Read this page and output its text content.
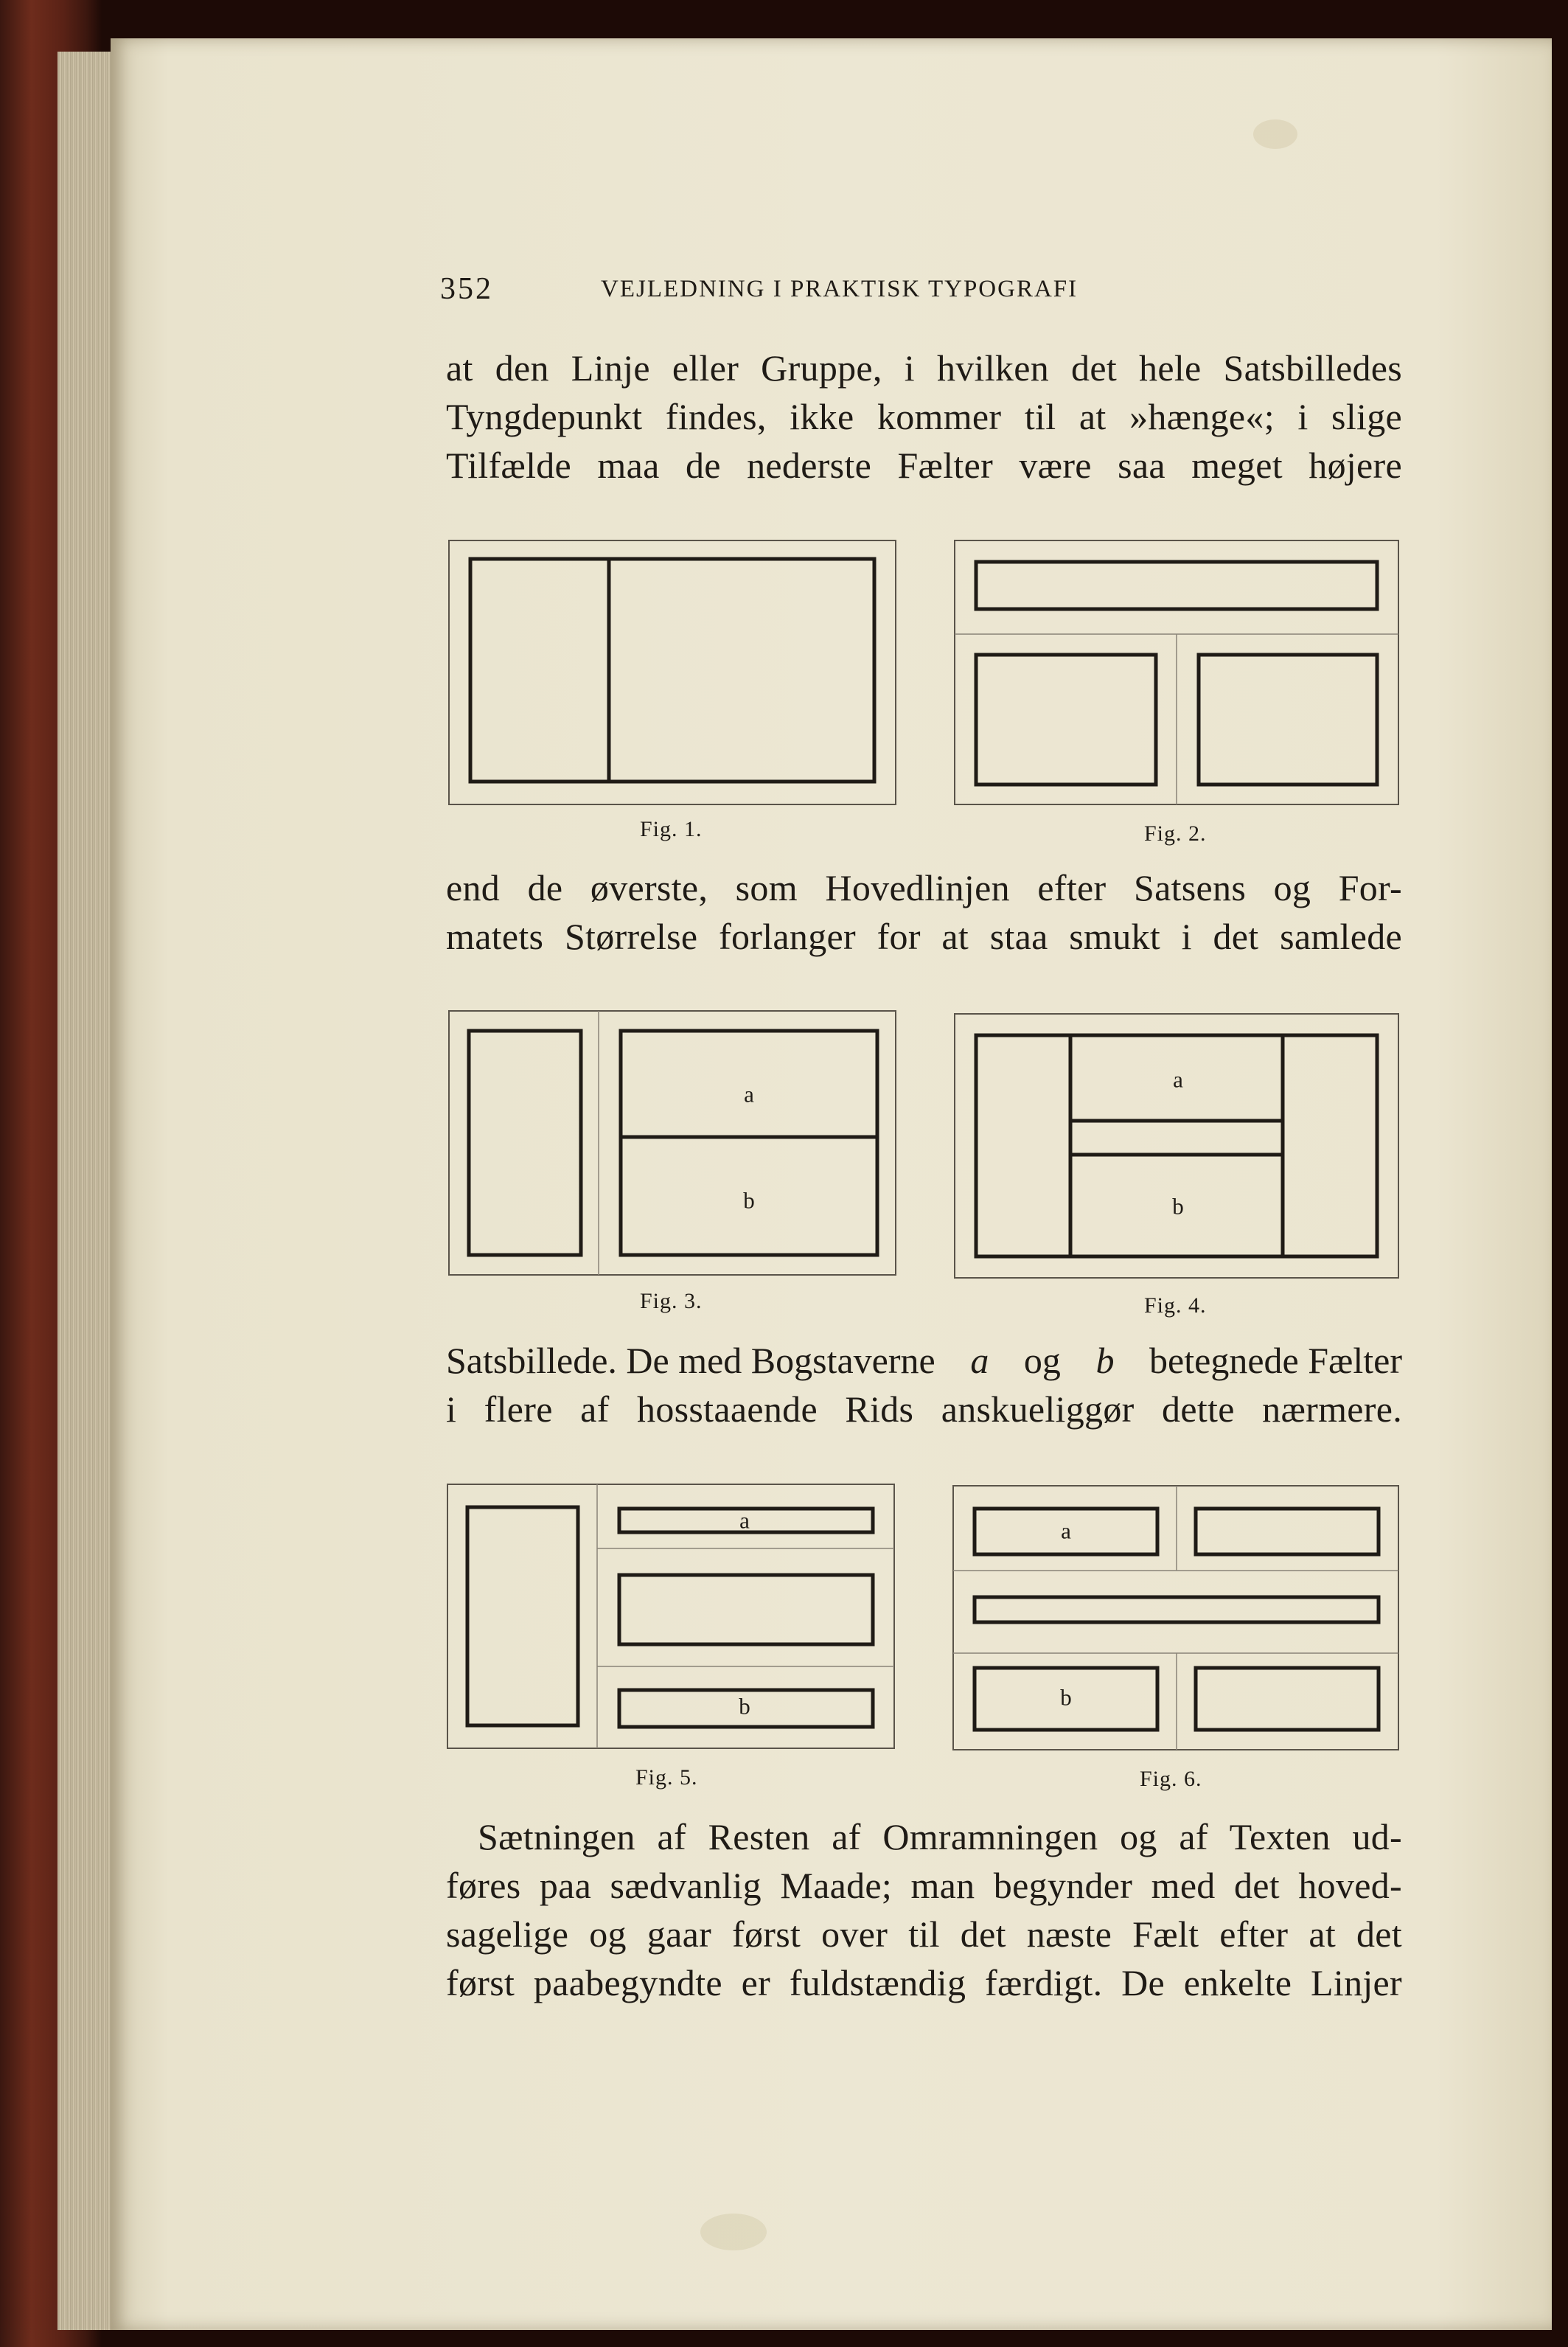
352	VEJLEDNING I PRAKTISK TYPOGRAFI
at den Linje eller Gruppe, i hvilken det hele Satsbilledes
Tyngdepunkt findes, ikke kommer til at »hænge«; i slige
Tilfælde maa de nederste Fælter være saa meget højere
Fig. 1.	Fig. 2.
end de øverste, som Hovedlinjen efter Satsens og For-
matets Størrelse forlanger for at staa smukt i det samlede
a
b
a
b
Fig. 3.	Fig. 4.
Satsbillede. De med Bogstaverne a og b betegnede Fælter
i flere af hosstaaende Rids anskueliggør dette nærmere.
a
b
a
b
Fig. 5.	Fig. 6.
Sætningen af Resten af Omramningen og af Texten ud-
føres paa sædvanlig Maade; man begynder med det hoved-
sagelige og gaar først over til det næste Fælt efter at det
først paabegyndte er fuldstændig færdigt. De enkelte Linjer
